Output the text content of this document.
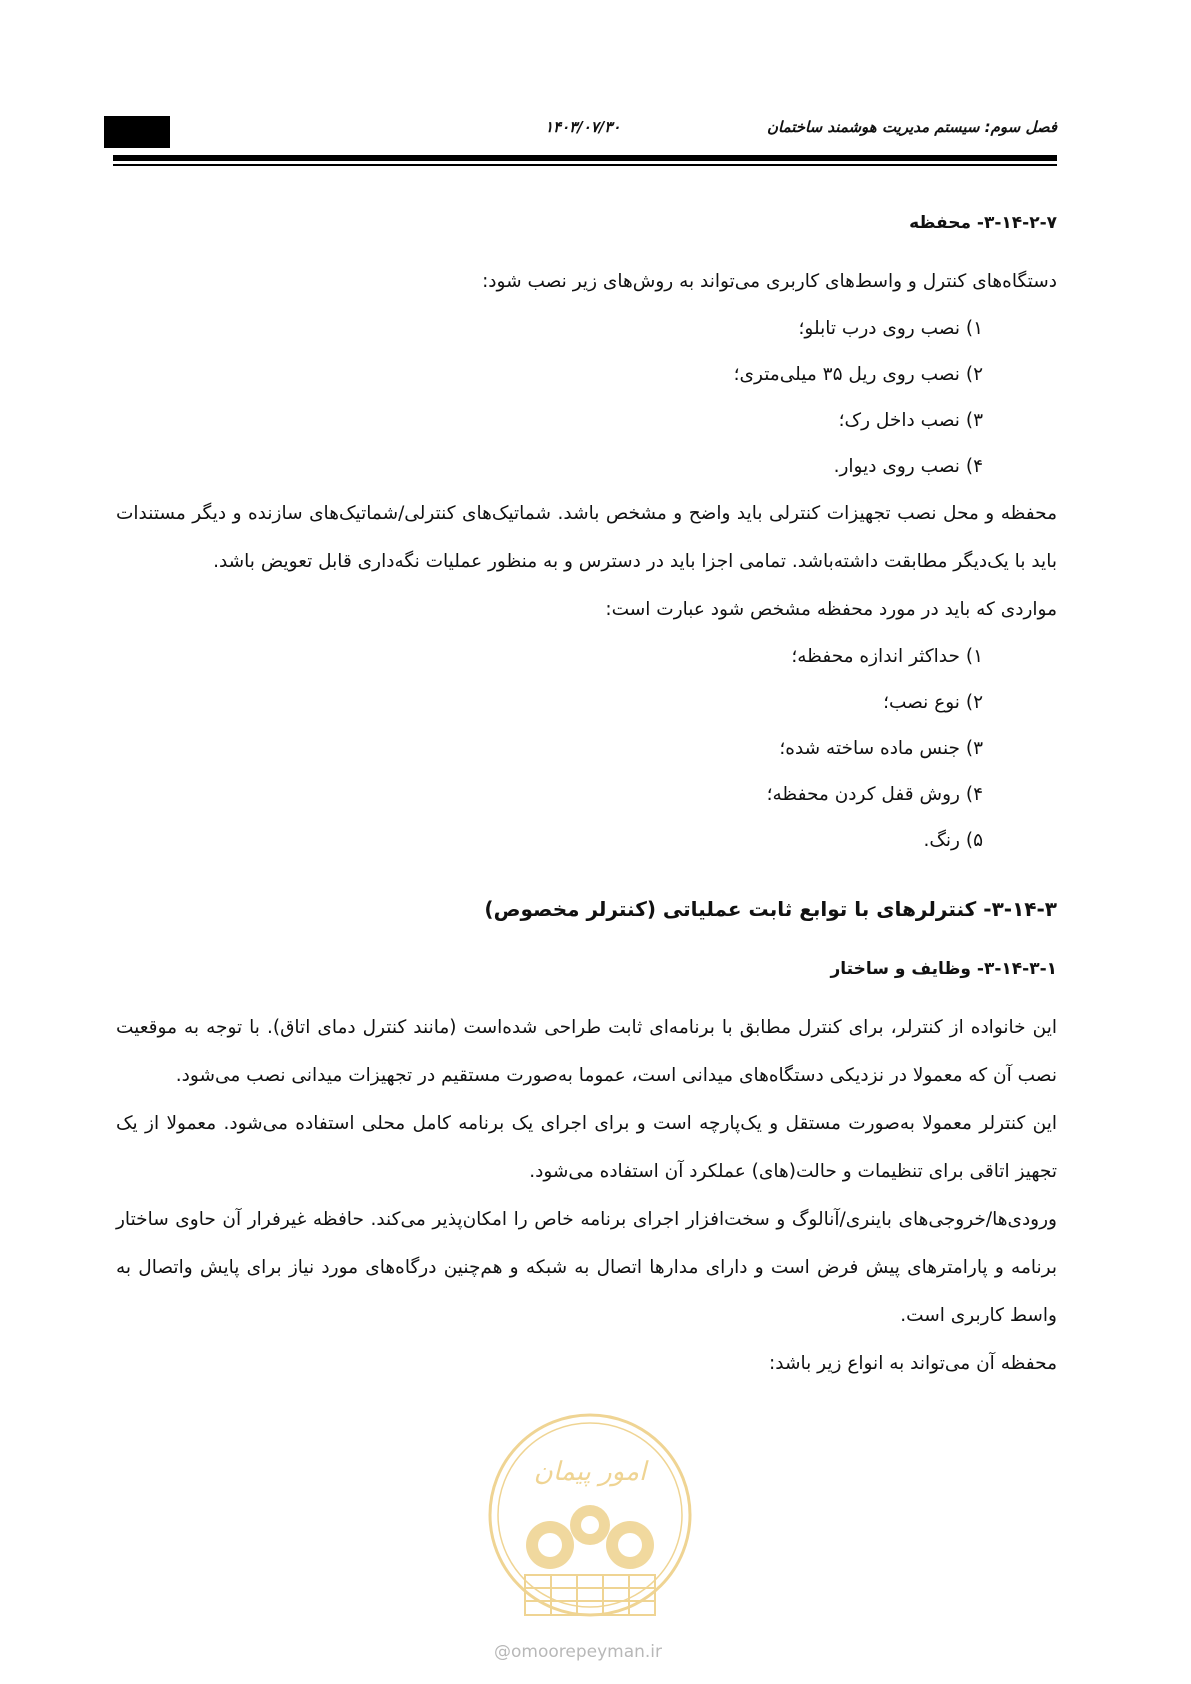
۱۴۰۳/۰۷/۳۰	فصل سوم: سیستم مدیریت هوشمند ساختمان
۳-۱۴-۲-۷- محفظه

دستگاه‌های کنترل و واسط‌های کاربری می‌تواند به روش‌های زیر نصب شود:

۱) نصب روی درب تابلو؛
۲) نصب روی ریل ۳۵ میلی‌متری؛
۳) نصب داخل رک؛
۴) نصب روی دیوار.

محفظه و محل نصب تجهیزات کنترلی باید واضح و مشخص باشد. شماتیک‌های کنترلی/شماتیک‌های سازنده و دیگر مستندات باید با یک‌دیگر مطابقت داشته‌باشد. تمامی اجزا باید در دسترس و به منظور عملیات نگه‌داری قابل تعویض باشد.

مواردی که باید در مورد محفظه مشخص شود عبارت است:

۱) حداکثر اندازه محفظه؛
۲) نوع نصب؛
۳) جنس ماده ساخته شده؛
۴) روش قفل کردن محفظه؛
۵) رنگ.
۳-۱۴-۳- کنترلرهای با توابع ثابت عملیاتی (کنترلر مخصوص)
۳-۱۴-۳-۱- وظایف و ساختار

این خانواده از کنترلر، برای کنترل مطابق با برنامه‌ای ثابت طراحی شده‌است (مانند کنترل دمای اتاق). با توجه به موقعیت نصب آن که معمولا در نزدیکی دستگاه‌های میدانی است، عموما به‌صورت مستقیم در تجهیزات میدانی نصب می‌شود.

این کنترلر معمولا به‌صورت مستقل و یک‌پارچه است و برای اجرای یک برنامه کامل محلی استفاده می‌شود. معمولا از یک تجهیز اتاقی برای تنظیمات و حالت(های) عملکرد آن استفاده می‌شود.

ورودی‌ها/خروجی‌های باینری/آنالوگ و سخت‌افزار اجرای برنامه خاص را امکان‌پذیر می‌کند. حافظه غیرفرار آن حاوی ساختار برنامه و پارامترهای پیش فرض است و دارای مدارها اتصال به شبکه و هم‌چنین درگاه‌های مورد نیاز برای پایش واتصال به واسط کاربری است.

محفظه آن می‌تواند به انواع زیر باشد:

امور پیمان
@omoorepeyman.ir
